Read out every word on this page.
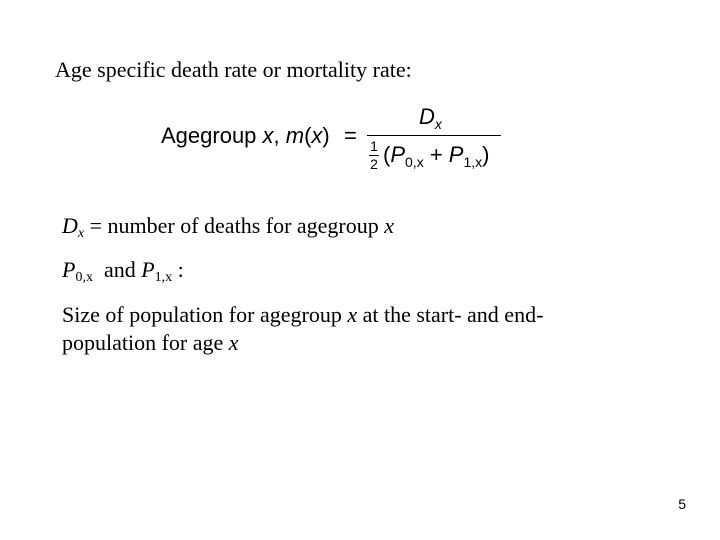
Age specific death rate or mortality rate:
Agegroup x, m(x) =
$D_x$
1
2 $(P_{0,x} + P_{1,x})$
$D_x$ = number of deaths for agegroup x
$P_{0,x}$  and $P_{1,x}$ :
Size of population for agegroup x at the start- and end-population for age x
5
